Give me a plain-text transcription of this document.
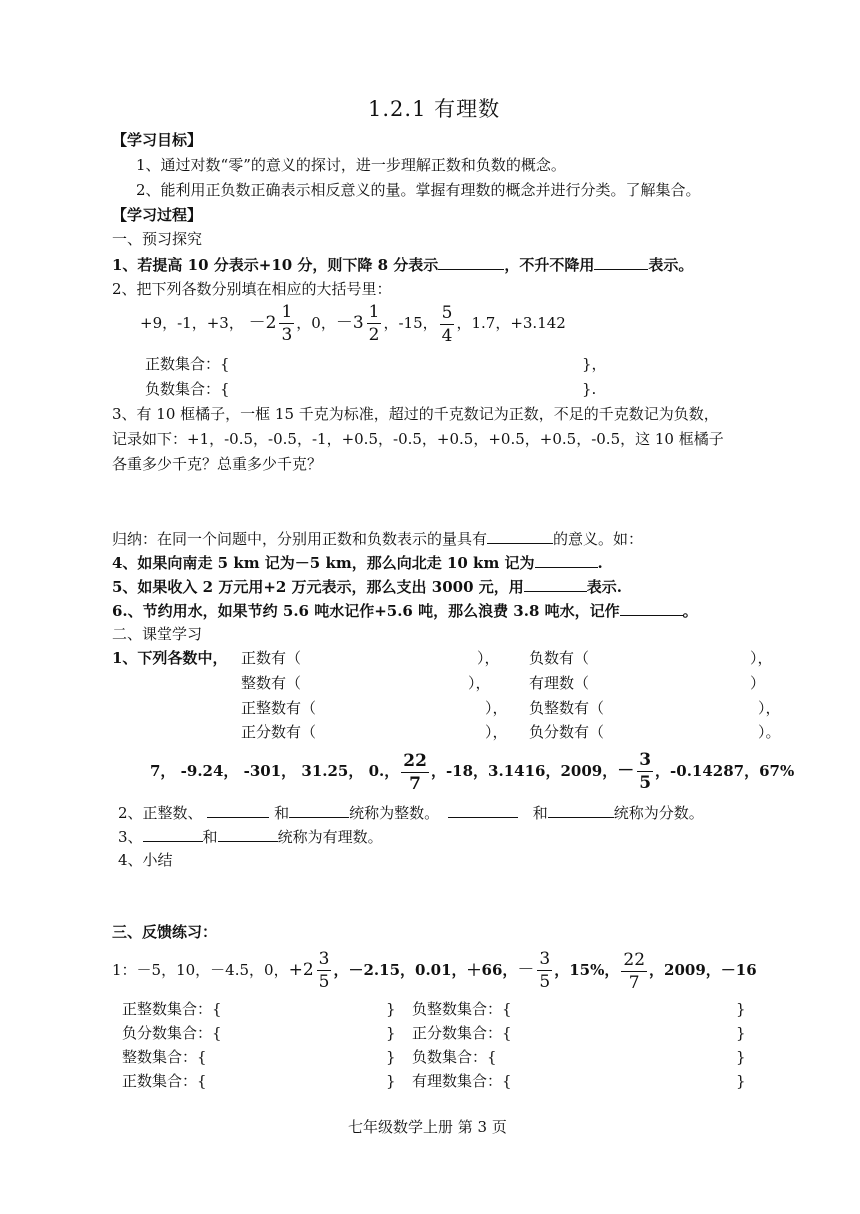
1.2.1 有理数
【学习目标】
1、通过对数“零”的意义的探讨，进一步理解正数和负数的概念。
2、能利用正负数正确表示相反意义的量。掌握有理数的概念并进行分类。了解集合。
【学习过程】
一、预习探究
1、若提高 10 分表示+10 分，则下降 8 分表示	，不升不降用	表示。
2、把下列各数分别填在相应的大括号里：
+9，-1，+3， $-2 \frac{1}{3}$ ，0， $-3 \frac{1}{2}$ ，-15， $\frac{5}{4}$ ，1.7，+3.142
正数集合：{	}，
负数集合：{	}.
3、有 10 框橘子，一框 15 千克为标准，超过的千克数记为正数，不足的千克数记为负数，
记录如下：+1，-0.5，-0.5，-1，+0.5，-0.5，+0.5，+0.5，+0.5，-0.5，这 10 框橘子
各重多少千克？总重多少千克？
归纳：在同一个问题中，分别用正数和负数表示的量具有	的意义。如：
4、如果向南走 5 km 记为－5 km，那么向北走 10 km 记为	.
5、如果收入 2 万元用+2 万元表示，那么支出 3000 元，用	表示.
6.、节约用水，如果节约 5.6 吨水记作+5.6 吨，那么浪费 3.8 吨水，记作	。
二、课堂学习
1、下列各数中， 正数有（	）， 负数有（	），
整数有（	），	有理数（	）
正整数有（	）， 负整数有（	），
正分数有（	）， 负分数有（	）。
7， -9.24， -301， 31.25， 0.， $\frac{22}{7}$ ，-18，3.1416，2009， － $\frac{3}{5}$ ，-0.14287，67%
2、正整数、	和	统称为整数。	和	统称为分数。
3、	和	统称为有理数。
4、小结
三、反馈练习：
1：－5，10，－4.5，0， $+2 \frac{3}{5}$ ，－2.15，0.01，＋66， － $\frac{3}{5}$ ，15%， $\frac{22}{7}$ ，2009，－16
正整数集合：{	} 负整数集合：{	}
负分数集合：{	} 正分数集合：{	}
整数集合：{	} 负数集合：{	}
正数集合：{	} 有理数集合：{	}
七年级数学上册 第 3 页
